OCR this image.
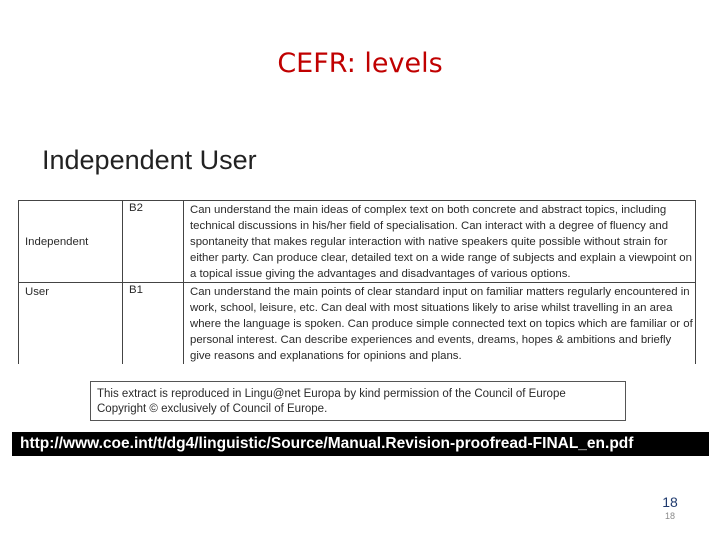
CEFR: levels
Independent User
Independent	B2	Can understand the main ideas of complex text on both concrete and abstract topics, including technical discussions in his/her field of specialisation. Can interact with a degree of fluency and spontaneity that makes regular interaction with native speakers quite possible without strain for either party. Can produce clear, detailed text on a wide range of subjects and explain a viewpoint on a topical issue giving the advantages and disadvantages of various options.
User	B1	Can understand the main points of clear standard input on familiar matters regularly encountered in work, school, leisure, etc. Can deal with most situations likely to arise whilst travelling in an area where the language is spoken. Can produce simple connected text on topics which are familiar or of personal interest. Can describe experiences and events, dreams, hopes & ambitions and briefly give reasons and explanations for opinions and plans.
This extract is reproduced in Lingu@net Europa by kind permission of the Council of Europe
Copyright © exclusively of Council of Europe.
http://www.coe.int/t/dg4/linguistic/Source/Manual.Revision-proofread-FINAL_en.pdf
18
18
